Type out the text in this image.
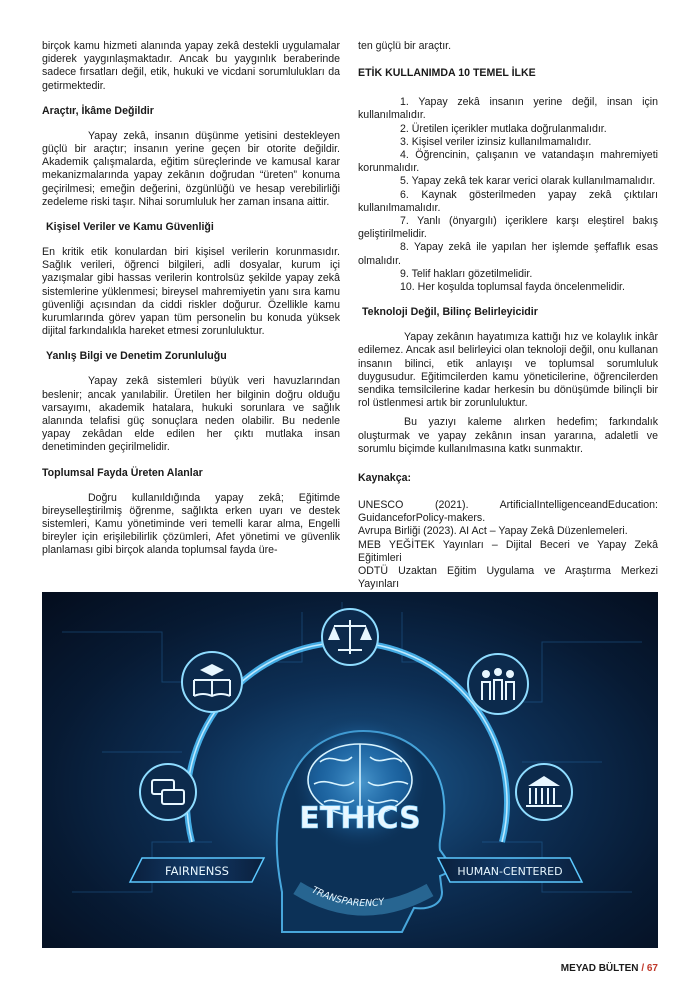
birçok kamu hizmeti alanında yapay zekâ destekli uygulamalar giderek yaygınlaşmaktadır. Ancak bu yaygınlık beraberinde sadece fırsatları değil, etik, hukuki ve vicdani sorumlulukları da getirmektedir.

Araçtır, İkâme Değildir

Yapay zekâ, insanın düşünme yetisini destekleyen güçlü bir araçtır; insanın yerine geçen bir otorite değildir. Akademik çalışmalarda, eğitim süreçlerinde ve kamusal karar mekanizmalarında yapay zekânın doğrudan “üreten” konuma geçirilmesi; emeğin değerini, özgünlüğü ve hesap verebilirliği zedeleme riski taşır. Nihai sorumluluk her zaman insana aittir.

Kişisel Veriler ve Kamu Güvenliği

En kritik etik konulardan biri kişisel verilerin korunmasıdır. Sağlık verileri, öğrenci bilgileri, adli dosyalar, kurum içi yazışmalar gibi hassas verilerin kontrolsüz şekilde yapay zekâ sistemlerine yüklenmesi; bireysel mahremiyetin yanı sıra kamu güvenliği açısından da ciddi riskler doğurur. Özellikle kamu kurumlarında görev yapan tüm personelin bu konuda yüksek dijital farkındalıkla hareket etmesi zorunluluktur.

Yanlış Bilgi ve Denetim Zorunluluğu

Yapay zekâ sistemleri büyük veri havuzlarından beslenir; ancak yanılabilir. Üretilen her bilginin doğru olduğu varsayımı, akademik hatalara, hukuki sorunlara ve sağlık alanında telafisi güç sonuçlara neden olabilir. Bu nedenle yapay zekâdan elde edilen her çıktı mutlaka insan denetiminden geçirilmelidir.

Toplumsal Fayda Üreten Alanlar

Doğru kullanıldığında yapay zekâ; Eğitimde bireyselleştirilmiş öğrenme, sağlıkta erken uyarı ve destek sistemleri, Kamu yönetiminde veri temelli karar alma, Engelli bireyler için erişilebilirlik çözümleri, Afet yönetimi ve güvenlik planlaması gibi birçok alanda toplumsal fayda üre-

ten güçlü bir araçtır.

ETİK KULLANIMDA 10 TEMEL İLKE
1. Yapay zekâ insanın yerine değil, insan için kullanılmalıdır.
2. Üretilen içerikler mutlaka doğrulanmalıdır.
3. Kişisel veriler izinsiz kullanılmamalıdır.
4. Öğrencinin, çalışanın ve vatandaşın mahremiyeti korunmalıdır.
5. Yapay zekâ tek karar verici olarak kullanılmamalıdır.
6. Kaynak gösterilmeden yapay zekâ çıktıları kullanılmamalıdır.
7. Yanlı (önyargılı) içeriklere karşı eleştirel bakış geliştirilmelidir.
8. Yapay zekâ ile yapılan her işlemde şeffaflık esas olmalıdır.
9. Telif hakları gözetilmelidir.
10. Her koşulda toplumsal fayda öncelenmelidir.
Teknoloji Değil, Bilinç Belirleyicidir

Yapay zekânın hayatımıza kattığı hız ve kolaylık inkâr edilemez. Ancak asıl belirleyici olan teknoloji değil, onu kullanan insanın bilinci, etik anlayışı ve toplumsal sorumluluk duygusudur. Eğitimcilerden kamu yöneticilerine, öğrencilerden sendika temsilcilerine kadar herkesin bu dönüşümde bilinçli bir rol üstlenmesi artık bir zorunluluktur.

Bu yazıyı kaleme alırken hedefim; farkındalık oluşturmak ve yapay zekânın insan yararına, adaletli ve sorumlu biçimde kullanılmasına katkı sunmaktır.

Kaynakça:

UNESCO (2021). ArtificialIntelligenceandEducation: GuidanceforPolicy-makers.

Avrupa Birliği (2023). AI Act – Yapay Zekâ Düzenlemeleri.

MEB YEĞİTEK Yayınları – Dijital Beceri ve Yapay Zekâ Eğitimleri

ODTÜ Uzaktan Eğitim Uygulama ve Araştırma Merkezi Yayınları

ETHICS
FAIRNENSS	HUMAN-CENTERED
TRANSPARENCY
MEYAD BÜLTEN / 67
